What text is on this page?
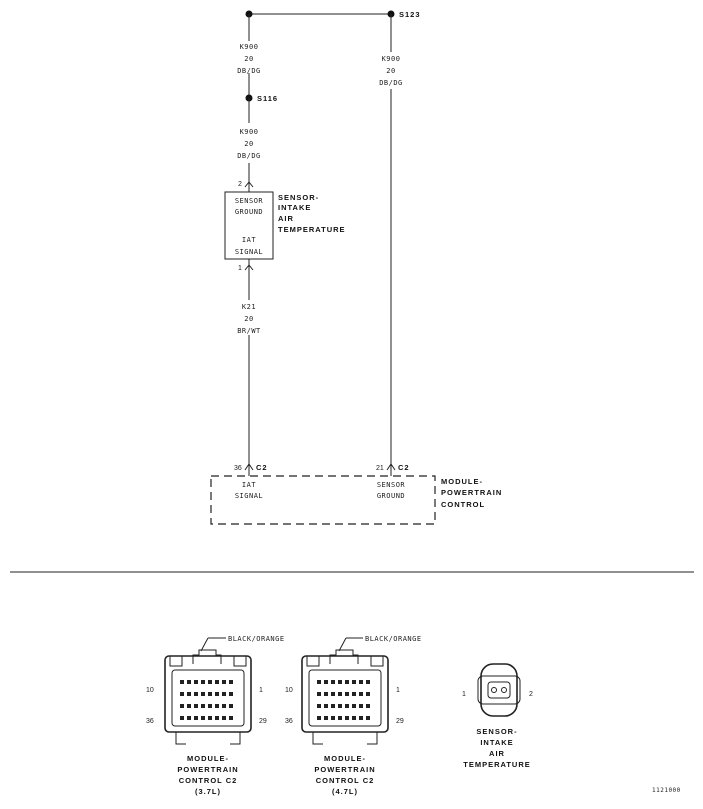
S123
K900
20
DB/DG
S116
K900
20
DB/DG
K900
20
DB/DG
2
SENSOR
GROUND
IAT
SIGNAL
1
SENSOR-
INTAKE
AIR
TEMPERATURE
K21
20
BR/WT
36 C2	21 C2
IAT
SIGNAL
SENSOR
GROUND
MODULE-
POWERTRAIN
CONTROL
BLACK/ORANGE
10	1
36	29
MODULE-
POWERTRAIN
CONTROL C2
(3.7L)
BLACK/ORANGE
10	1
36	29
MODULE-
POWERTRAIN
CONTROL C2
(4.7L)
1	2
SENSOR-
INTAKE
AIR
TEMPERATURE
1121000
